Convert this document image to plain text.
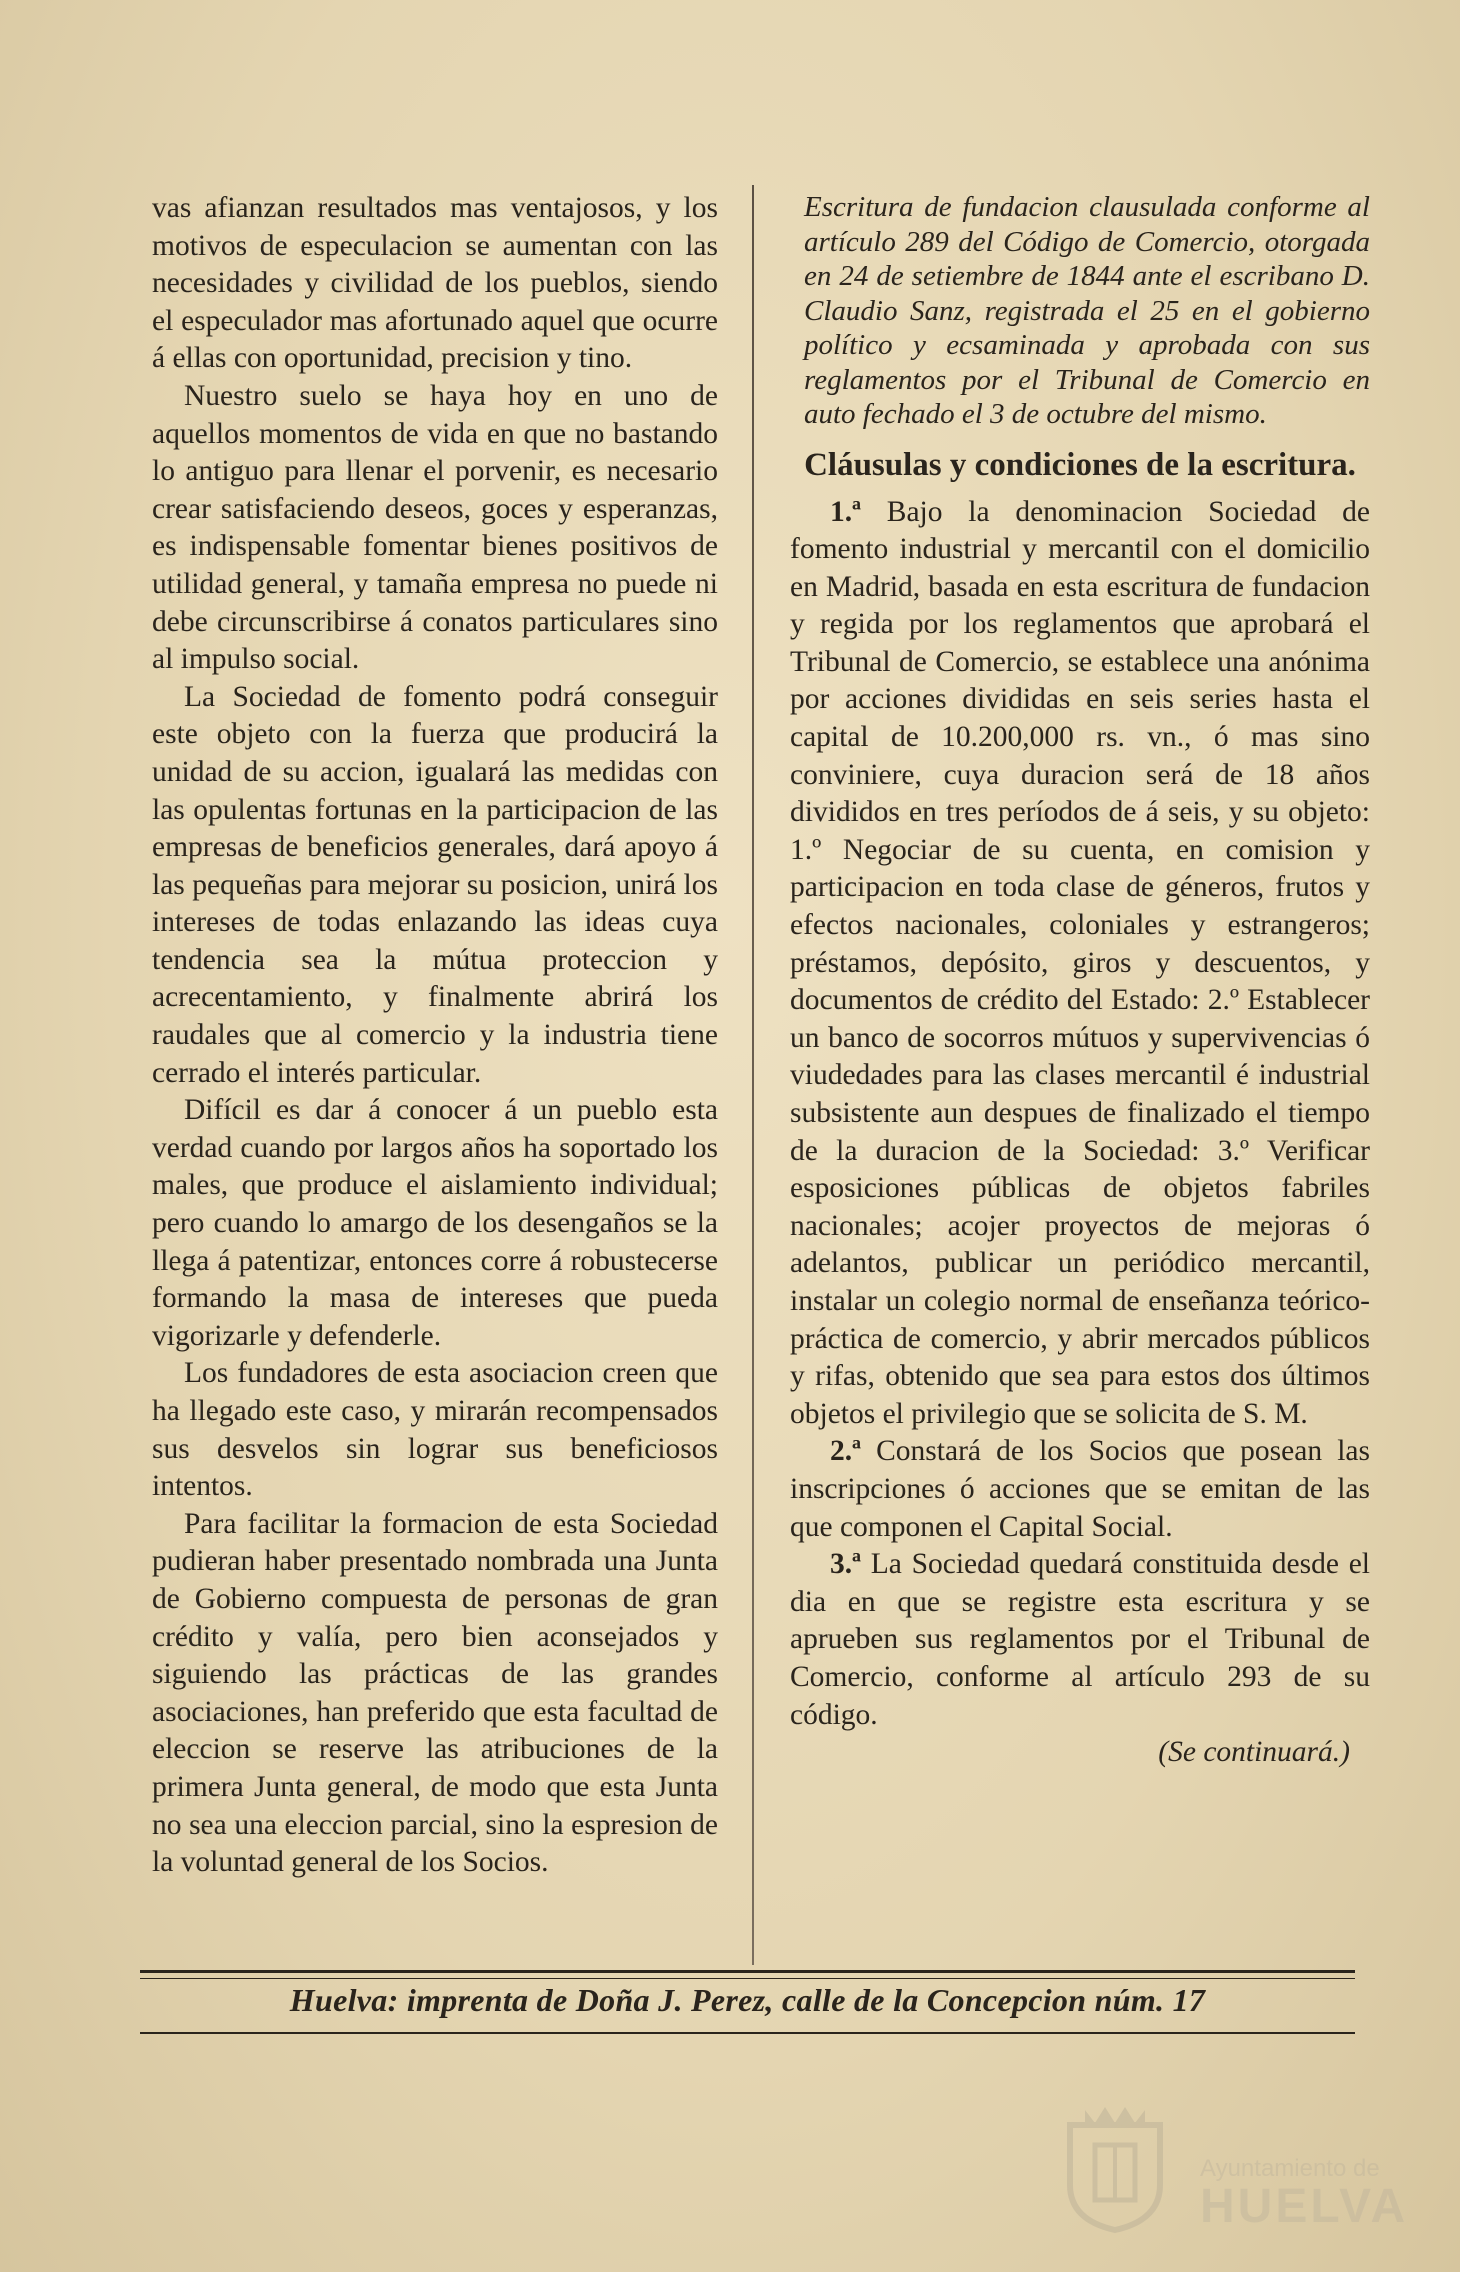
vas afianzan resultados mas ventajosos, y los motivos de especulacion se aumentan con las necesidades y civilidad de los pueblos, siendo el especulador mas afortunado aquel que ocurre á ellas con oportunidad, precision y tino.

Nuestro suelo se haya hoy en uno de aquellos momentos de vida en que no bastando lo antiguo para llenar el porvenir, es necesario crear satisfaciendo deseos, goces y esperanzas, es indispensable fomentar bienes positivos de utilidad general, y tamaña empresa no puede ni debe circunscribirse á conatos particulares sino al impulso social.

La Sociedad de fomento podrá conseguir este objeto con la fuerza que producirá la unidad de su accion, igualará las medidas con las opulentas fortunas en la participacion de las empresas de beneficios generales, dará apoyo á las pequeñas para mejorar su posicion, unirá los intereses de todas enlazando las ideas cuya tendencia sea la mútua proteccion y acrecentamiento, y finalmente abrirá los raudales que al comercio y la industria tiene cerrado el interés particular.

Difícil es dar á conocer á un pueblo esta verdad cuando por largos años ha soportado los males, que produce el aislamiento individual; pero cuando lo amargo de los desengaños se la llega á patentizar, entonces corre á robustecerse formando la masa de intereses que pueda vigorizarle y defenderle.

Los fundadores de esta asociacion creen que ha llegado este caso, y mirarán recompensados sus desvelos sin lograr sus beneficiosos intentos.

Para facilitar la formacion de esta Sociedad pudieran haber presentado nombrada una Junta de Gobierno compuesta de personas de gran crédito y valía, pero bien aconsejados y siguiendo las prácticas de las grandes asociaciones, han preferido que esta facultad de eleccion se reserve las atribuciones de la primera Junta general, de modo que esta Junta no sea una eleccion parcial, sino la espresion de la voluntad general de los Socios.

Escritura de fundacion clausulada conforme al artículo 289 del Código de Comercio, otorgada en 24 de setiembre de 1844 ante el escribano D. Claudio Sanz, registrada el 25 en el gobierno político y ecsaminada y aprobada con sus reglamentos por el Tribunal de Comercio en auto fechado el 3 de octubre del mismo.
Cláusulas y condiciones de la escritura.

1.ª Bajo la denominacion Sociedad de fomento industrial y mercantil con el domicilio en Madrid, basada en esta escritura de fundacion y regida por los reglamentos que aprobará el Tribunal de Comercio, se establece una anónima por acciones divididas en seis series hasta el capital de 10.200,000 rs. vn., ó mas sino conviniere, cuya duracion será de 18 años divididos en tres períodos de á seis, y su objeto: 1.º Negociar de su cuenta, en comision y participacion en toda clase de géneros, frutos y efectos nacionales, coloniales y estrangeros; préstamos, depósito, giros y descuentos, y documentos de crédito del Estado: 2.º Establecer un banco de socorros mútuos y supervivencias ó viudedades para las clases mercantil é industrial subsistente aun despues de finalizado el tiempo de la duracion de la Sociedad: 3.º Verificar esposiciones públicas de objetos fabriles nacionales; acojer proyectos de mejoras ó adelantos, publicar un periódico mercantil, instalar un colegio normal de enseñanza teórico-práctica de comercio, y abrir mercados públicos y rifas, obtenido que sea para estos dos últimos objetos el privilegio que se solicita de S. M.

2.ª Constará de los Socios que posean las inscripciones ó acciones que se emitan de las que componen el Capital Social.

3.ª La Sociedad quedará constituida desde el dia en que se registre esta escritura y se aprueben sus reglamentos por el Tribunal de Comercio, conforme al artículo 293 de su código.

(Se continuará.)
Huelva: imprenta de Doña J. Perez, calle de la Concepcion núm. 17
Ayuntamiento de
HUELVA
